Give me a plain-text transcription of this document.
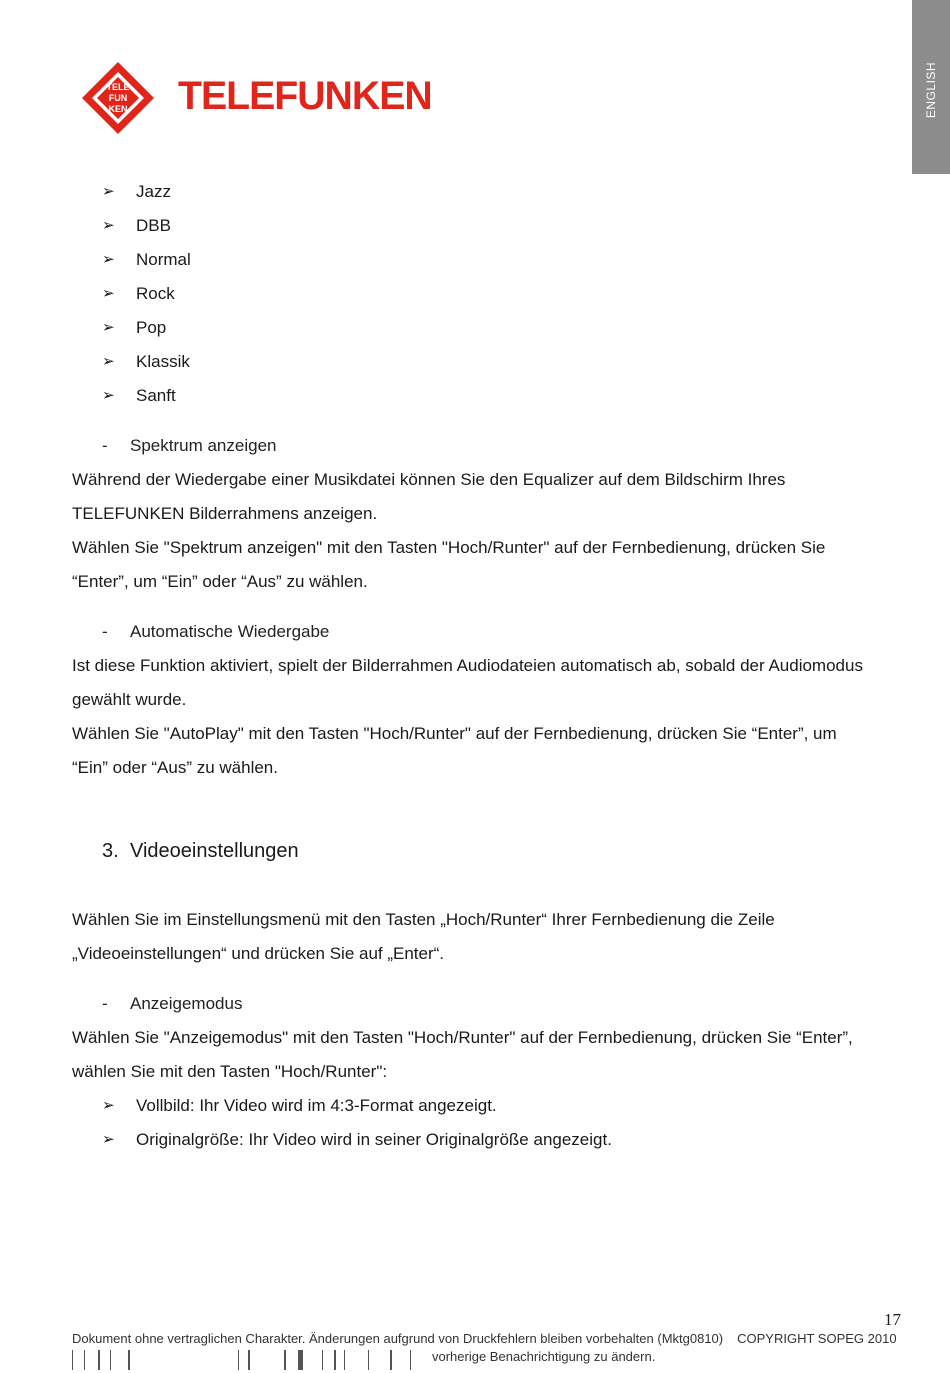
ENGLISH
TELE
FUN
KEN TELEFUNKEN
➢ Jazz
➢ DBB
➢ Normal
➢ Rock
➢ Pop
➢ Klassik
➢ Sanft
- Spektrum anzeigen
Während der Wiedergabe einer Musikdatei können Sie den Equalizer auf dem Bildschirm Ihres
TELEFUNKEN Bilderrahmens anzeigen.
Wählen Sie "Spektrum anzeigen" mit den Tasten "Hoch/Runter" auf der Fernbedienung, drücken Sie
“Enter”, um “Ein” oder “Aus” zu wählen.
- Automatische Wiedergabe
Ist diese Funktion aktiviert, spielt der Bilderrahmen Audiodateien automatisch ab, sobald der Audiomodus
gewählt wurde.
Wählen Sie "AutoPlay" mit den Tasten "Hoch/Runter" auf der Fernbedienung, drücken Sie “Enter”, um
“Ein” oder “Aus” zu wählen.
3. Videoeinstellungen
Wählen Sie im Einstellungsmenü mit den Tasten „Hoch/Runter“ Ihrer Fernbedienung die Zeile
„Videoeinstellungen“ und drücken Sie auf „Enter“.
- Anzeigemodus
Wählen Sie "Anzeigemodus" mit den Tasten "Hoch/Runter" auf der Fernbedienung, drücken Sie “Enter”,
wählen Sie mit den Tasten "Hoch/Runter":
➢ Vollbild: Ihr Video wird im 4:3-Format angezeigt.
➢ Originalgröße: Ihr Video wird in seiner Originalgröße angezeigt.
17
Dokument ohne vertraglichen Charakter. Änderungen aufgrund von Druckfehlern bleiben vorbehalten (Mktg0810) COPYRIGHT SOPEG 2010
vorherige Benachrichtigung zu ändern.
